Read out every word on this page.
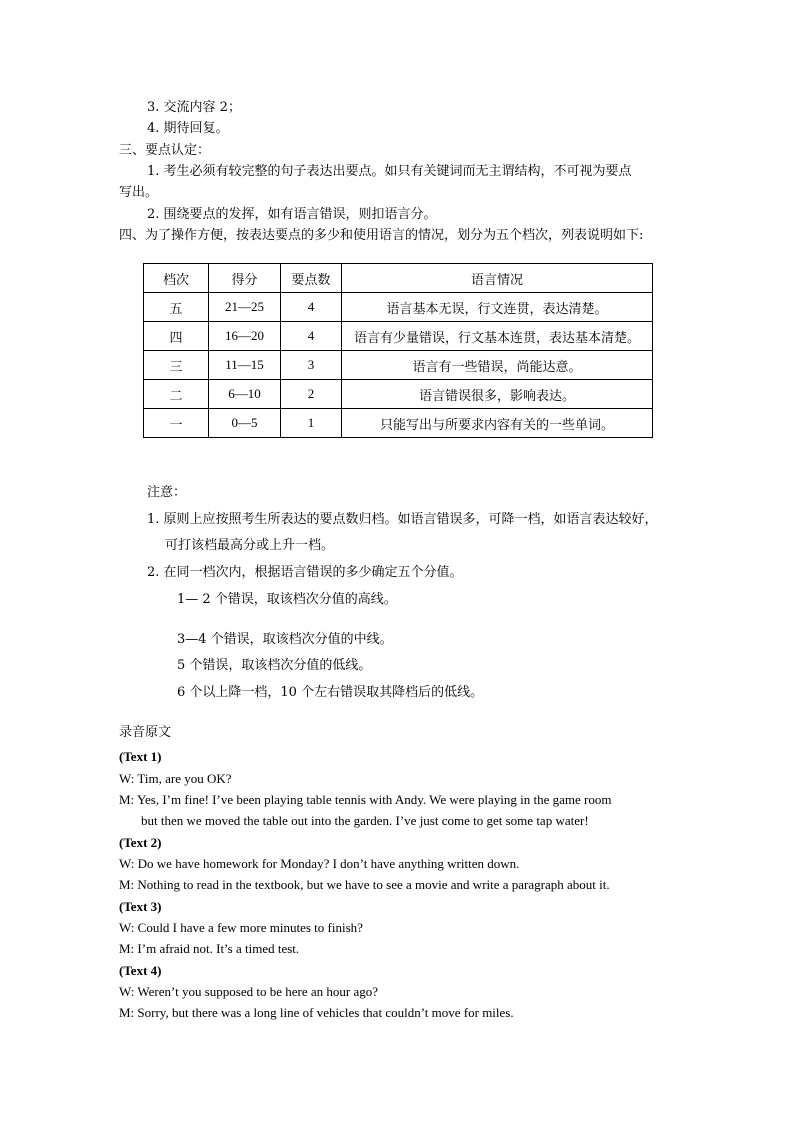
3. 交流内容 2；
4. 期待回复。
三、要点认定：
1. 考生必须有较完整的句子表达出要点。如只有关键词而无主谓结构，不可视为要点
写出。
2. 围绕要点的发挥，如有语言错误，则扣语言分。
四、为了操作方便，按表达要点的多少和使用语言的情况，划分为五个档次，列表说明如下:
档次	得分	要点数	语言情况
五	21—25	4	语言基本无误，行文连贯，表达清楚。
四	16—20	4	语言有少量错误，行文基本连贯，表达基本清楚。
三	11—15	3	语言有一些错误，尚能达意。
二	6—10	2	语言错误很多，影响表达。
一	0—5	1	只能写出与所要求内容有关的一些单词。
注意：
1. 原则上应按照考生所表达的要点数归档。如语言错误多，可降一档，如语言表达较好，
可打该档最高分或上升一档。
2. 在同一档次内，根据语言错误的多少确定五个分值。
1— 2 个错误，取该档次分值的高线。
3—4 个错误，取该档次分值的中线。
5 个错误，取该档次分值的低线。
6 个以上降一档，10 个左右错误取其降档后的低线。
录音原文
(Text 1)
W: Tim, are you OK?
M: Yes, I’m fine! I’ve been playing table tennis with Andy. We were playing in the game room
but then we moved the table out into the garden. I’ve just come to get some tap water!
(Text 2)
W: Do we have homework for Monday? I don’t have anything written down.
M: Nothing to read in the textbook, but we have to see a movie and write a paragraph about it.
(Text 3)
W: Could I have a few more minutes to finish?
M: I’m afraid not. It’s a timed test.
(Text 4)
W: Weren’t you supposed to be here an hour ago?
M: Sorry, but there was a long line of vehicles that couldn’t move for miles.
